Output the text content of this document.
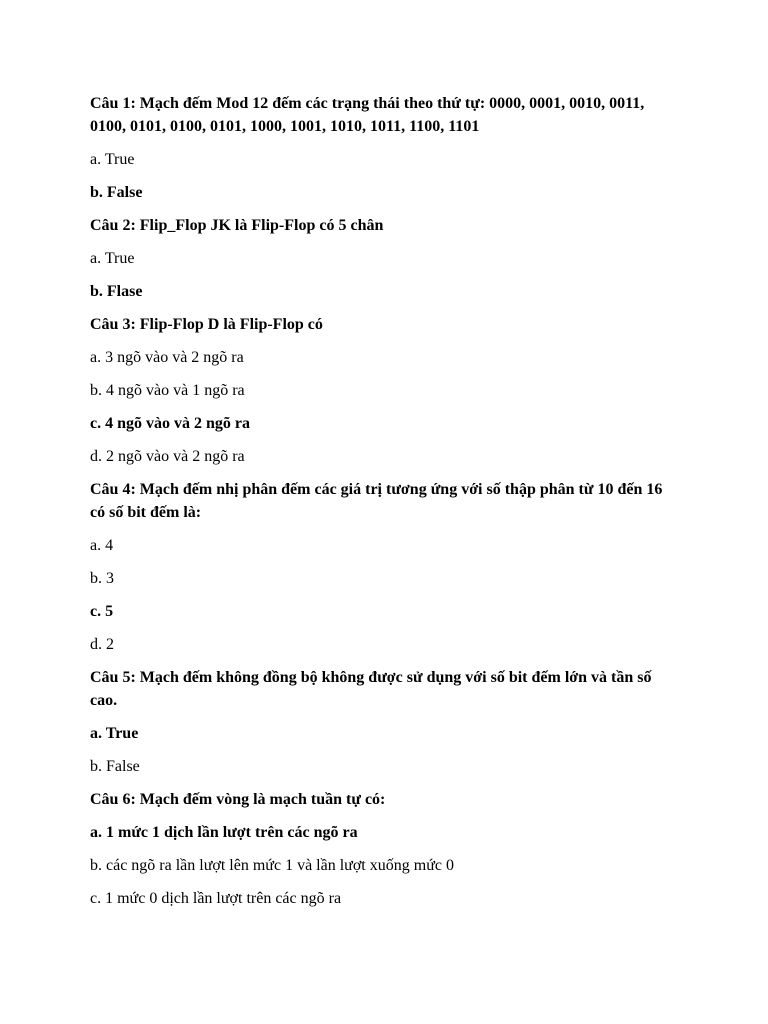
Câu 1: Mạch đếm Mod 12 đếm các trạng thái theo thứ tự: 0000, 0001, 0010, 0011, 0100, 0101, 0100, 0101, 1000, 1001, 1010, 1011, 1100, 1101

a. True

b. False

Câu 2: Flip_Flop JK là Flip-Flop có 5 chân

a. True

b. Flase

Câu 3: Flip-Flop D là Flip-Flop có

a. 3 ngõ vào và 2 ngõ ra

b. 4 ngõ vào và 1 ngõ ra

c. 4 ngõ vào và 2 ngõ ra

d. 2 ngõ vào và 2 ngõ ra

Câu 4: Mạch đếm nhị phân đếm các giá trị tương ứng với số thập phân từ 10 đến 16 có số bit đếm là:

a. 4

b. 3

c. 5

d. 2

Câu 5: Mạch đếm không đồng bộ không được sử dụng với số bit đếm lớn và tần số cao.

a. True

b. False

Câu 6: Mạch đếm vòng là mạch tuần tự có:

a. 1 mức 1 dịch lần lượt trên các ngõ ra

b. các ngõ ra lần lượt lên mức 1 và lần lượt xuống mức 0

c. 1 mức 0 dịch lần lượt trên các ngõ ra
